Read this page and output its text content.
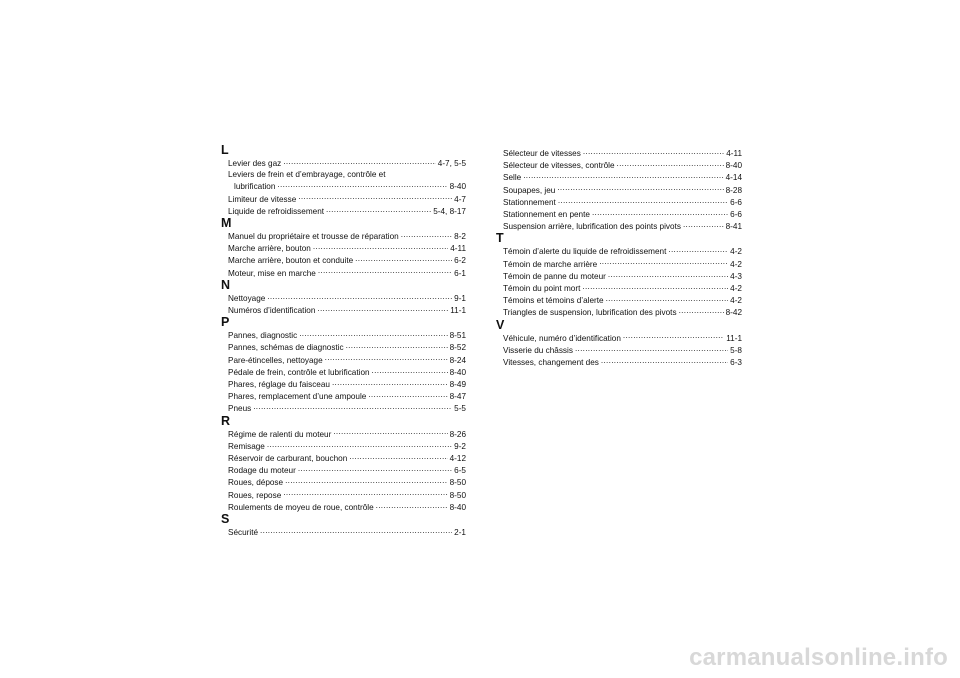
L
Levier des gaz .....	4-7, 5-5
Leviers de frein et d’embrayage, contrôle et
lubrification .....	8-40
Limiteur de vitesse .....	4-7
Liquide de refroidissement .....	5-4, 8-17
M
Manuel du propriétaire et trousse de réparation .....	8-2
Marche arrière, bouton .....	4-11
Marche arrière, bouton et conduite .....	6-2
Moteur, mise en marche .....	6-1
N
Nettoyage .....	9-1
Numéros d’identification .....	11-1
P
Pannes, diagnostic .....	8-51
Pannes, schémas de diagnostic .....	8-52
Pare-étincelles, nettoyage .....	8-24
Pédale de frein, contrôle et lubrification .....	8-40
Phares, réglage du faisceau .....	8-49
Phares, remplacement d’une ampoule .....	8-47
Pneus .....	5-5
R
Régime de ralenti du moteur .....	8-26
Remisage .....	9-2
Réservoir de carburant, bouchon .....	4-12
Rodage du moteur .....	6-5
Roues, dépose .....	8-50
Roues, repose .....	8-50
Roulements de moyeu de roue, contrôle .....	8-40
S
Sécurité .....	2-1
Sélecteur de vitesses .....	4-11
Sélecteur de vitesses, contrôle .....	8-40
Selle .....	4-14
Soupapes, jeu .....	8-28
Stationnement .....	6-6
Stationnement en pente .....	6-6
Suspension arrière, lubrification des points pivots .....	8-41
T
Témoin d’alerte du liquide de refroidissement .....	4-2
Témoin de marche arrière .....	4-2
Témoin de panne du moteur .....	4-3
Témoin du point mort .....	4-2
Témoins et témoins d’alerte .....	4-2
Triangles de suspension, lubrification des pivots .....	8-42
V
Véhicule, numéro d’identification .....	11-1
Visserie du châssis .....	5-8
Vitesses, changement des .....	6-3
carmanualsonline.info
